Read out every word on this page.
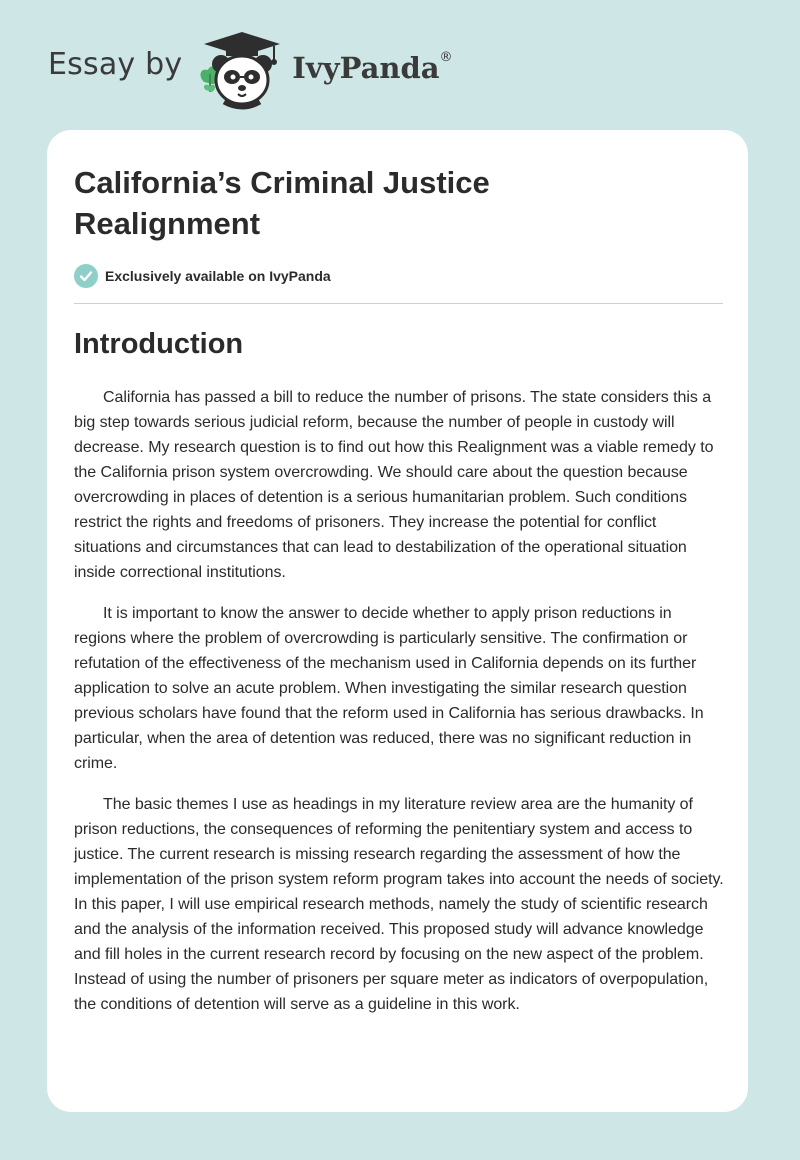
Essay by	IvyPanda®
California’s Criminal Justice Realignment
Exclusively available on IvyPanda
Introduction

California has passed a bill to reduce the number of prisons. The state considers this a big step towards serious judicial reform, because the number of people in custody will decrease. My research question is to find out how this Realignment was a viable remedy to the California prison system overcrowding. We should care about the question because overcrowding in places of detention is a serious humanitarian problem. Such conditions restrict the rights and freedoms of prisoners. They increase the potential for conflict situations and circumstances that can lead to destabilization of the operational situation inside correctional institutions.

It is important to know the answer to decide whether to apply prison reductions in regions where the problem of overcrowding is particularly sensitive. The confirmation or refutation of the effectiveness of the mechanism used in California depends on its further application to solve an acute problem. When investigating the similar research question previous scholars have found that the reform used in California has serious drawbacks. In particular, when the area of detention was reduced, there was no significant reduction in crime.

The basic themes I use as headings in my literature review area are the humanity of prison reductions, the consequences of reforming the penitentiary system and access to justice. The current research is missing research regarding the assessment of how the implementation of the prison system reform program takes into account the needs of society. In this paper, I will use empirical research methods, namely the study of scientific research and the analysis of the information received. This proposed study will advance knowledge and fill holes in the current research record by focusing on the new aspect of the problem. Instead of using the number of prisoners per square meter as indicators of overpopulation, the conditions of detention will serve as a guideline in this work.
